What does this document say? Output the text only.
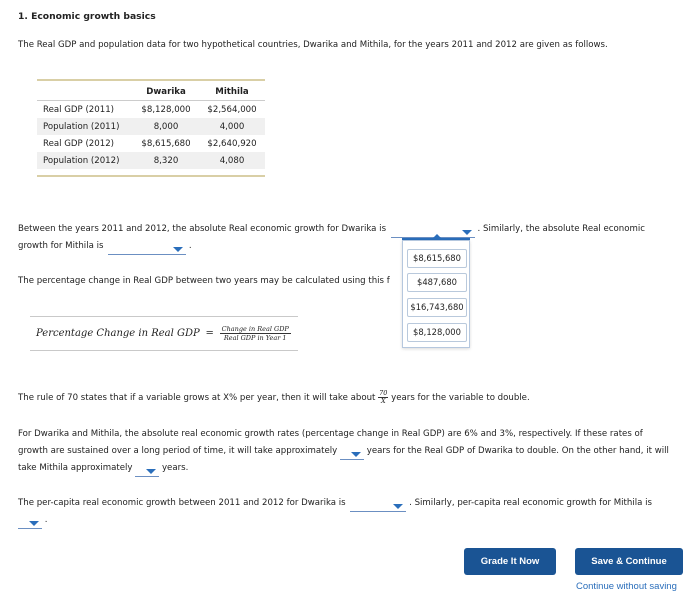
1. Economic growth basics
The Real GDP and population data for two hypothetical countries, Dwarika and Mithila, for the years 2011 and 2012 are given as follows.
	Dwarika	Mithila
Real GDP (2011)	$8,128,000	$2,564,000
Population (2011)	8,000	4,000
Real GDP (2012)	$8,615,680	$2,640,920
Population (2012)	8,320	4,080
Between the years 2011 and 2012, the absolute Real economic growth for Dwarika is	. Similarly, the absolute Real economic
growth for Mithila is	.
The percentage change in Real GDP between two years may be calculated using this f
Percentage Change in Real GDP = $\frac{\text{Change in Real GDP}}{\text{Real GDP in Year 1}}$
$8,615,680
$487,680
$16,743,680
$8,128,000
The rule of 70 states that if a variable grows at X% per year, then it will take about $\frac{70}{X}$ years for the variable to double.
For Dwarika and Mithila, the absolute real economic growth rates (percentage change in Real GDP) are 6% and 3%, respectively. If these rates of
growth are sustained over a long period of time, it will take approximately	years for the Real GDP of Dwarika to double. On the other hand, it will
take Mithila approximately	years.
The per-capita real economic growth between 2011 and 2012 for Dwarika is	. Similarly, per-capita real economic growth for Mithila is
.
Grade It Now	Save & Continue
Continue without saving
